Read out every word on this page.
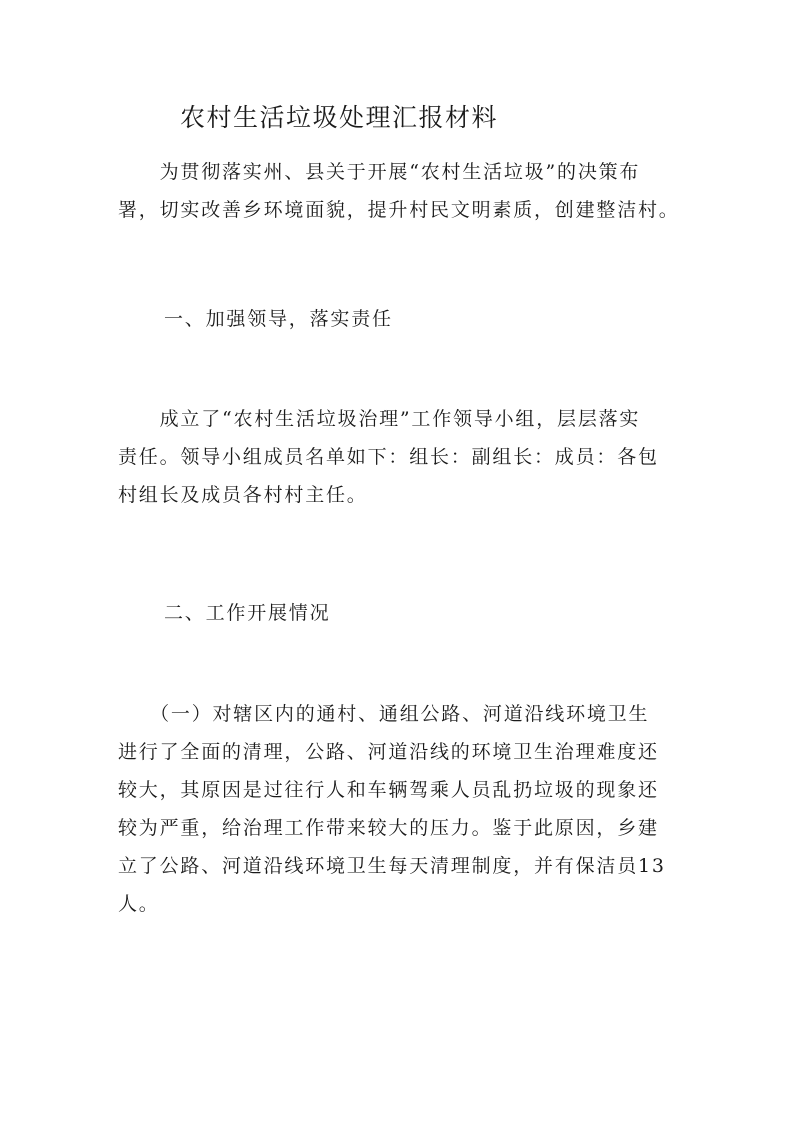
农村生活垃圾处理汇报材料
　　为贯彻落实州、县关于开展“农村生活垃圾”的决策布
署，切实改善乡环境面貌，提升村民文明素质，创建整洁村。
一、加强领导，落实责任
　　成立了“农村生活垃圾治理”工作领导小组，层层落实
责任。领导小组成员名单如下：组长：副组长：成员：各包
村组长及成员各村村主任。
二、工作开展情况
　　（一）对辖区内的通村、通组公路、河道沿线环境卫生
进行了全面的清理，公路、河道沿线的环境卫生治理难度还
较大，其原因是过往行人和车辆驾乘人员乱扔垃圾的现象还
较为严重，给治理工作带来较大的压力。鉴于此原因，乡建
立了公路、河道沿线环境卫生每天清理制度，并有保洁员13
人。
